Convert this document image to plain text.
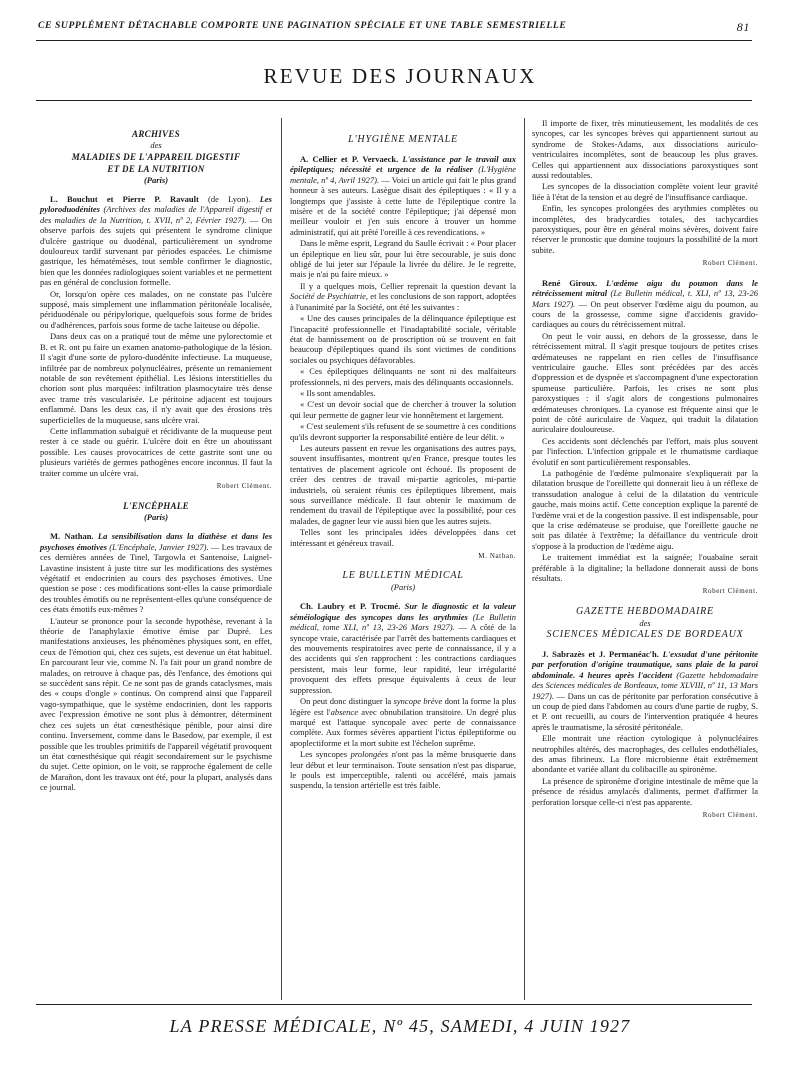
CE SUPPLÉMENT DÉTACHABLE COMPORTE UNE PAGINATION SPÉCIALE ET UNE TABLE SEMESTRIELLE	81
REVUE DES JOURNAUX
ARCHIVES
des
MALADIES DE L'APPAREIL DIGESTIF
ET DE LA NUTRITION
(Paris)

L. Bouchut et Pierre P. Ravault (de Lyon). Les pyloroduodénites (Archives des maladies de l'Appareil digestif et des maladies de la Nutrition, t. XVII, nº 2, Février 1927). — On observe parfois des sujets qui présentent le syndrome clinique d'ulcère gastrique ou duodénal, particulièrement un syndrome douloureux tardif survenant par périodes espacées. Le chimisme gastrique, les hématémèses, tout semble confirmer le diagnostic, bien que les données radiologiques soient variables et ne permettent pas en général de conclusion formelle.

Or, lorsqu'on opère ces malades, on ne constate pas l'ulcère supposé, mais simplement une inflammation péritonéale localisée, périduodénale ou péripylorique, quelquefois sous forme de brides ou d'adhérences, parfois sous forme de tache laiteuse ou dépolie.

Dans deux cas on a pratiqué tout de même une pylorectomie et B. et R. ont pu faire un examen anatomo-pathologique de la lésion. Il s'agit d'une sorte de pyloro-duodénite infectieuse. La muqueuse, infiltrée par de nombreux polynucléaires, présente un remaniement notable de son revêtement épithélial. Les lésions interstitielles du chorion sont plus marquées: infiltration plasmocytaire très dense avec trame très vascularisée. Le péritoine adjacent est toujours enflammé. Dans les deux cas, il n'y avait que des érosions très superficielles de la muqueuse, sans ulcère vrai.

Cette inflammation subaiguë et récidivante de la muqueuse peut rester à ce stade ou guérir. L'ulcère doit en être un aboutissant possible. Les causes provocatrices de cette gastrite sont une ou plusieurs variétés de germes pathogènes encore inconnus. Il faut la traiter comme un ulcère vrai.

Robert Clément.
L'ENCÉPHALE
(Paris)

M. Nathan. La sensibilisation dans la diathèse et dans les psychoses émotives (L'Encéphale, Janvier 1927). — Les travaux de ces dernières années de Tinel, Targowla et Santenoise, Laignel-Lavastine insistent à juste titre sur les modifications des systèmes végétatif et endocrinien au cours des psychoses émotives. Une question se pose : ces modifications sont-elles la cause primordiale des troubles émotifs ou ne représentent-elles qu'une conséquence de ces états émotifs eux-mêmes ?

L'auteur se prononce pour la seconde hypothèse, revenant à la théorie de l'anaphylaxie émotive émise par Dupré. Les manifestations anxieuses, les phénomènes physiques sont, en effet, ceux de l'émotion qui, chez ces sujets, est devenue un état habituel. En parcourant leur vie, comme N. l'a fait pour un grand nombre de malades, on retrouve à chaque pas, dès l'enfance, des émotions qui se succèdent sans répit. Ce ne sont pas de grands cataclysmes, mais des « coups d'ongle » continus. On comprend ainsi que l'appareil vago-sympathique, que le système endocrinien, dont les rapports avec l'expression émotive ne sont plus à démontrer, déterminent chez ces sujets un état cœnesthésique pénible, pour ainsi dire continu. Inversement, comme dans le Basedow, par exemple, il est possible que les troubles primitifs de l'appareil végétatif provoquent un état cœnesthésique qui réagit secondairement sur le psychisme du sujet. Cette opinion, on le voit, se rapproche également de celle de Marañon, dont les travaux ont été, pour la plupart, analysés dans ce journal.

L'HYGIÈNE MENTALE

A. Cellier et P. Vervaeck. L'assistance par le travail aux épileptiques; nécessité et urgence de la réaliser (L'Hygiène mentale, nº 4, Avril 1927). — Voici un article qui fait le plus grand honneur à ses auteurs. Lasègue disait des épileptiques : « Il y a longtemps que j'assiste à cette lutte de l'épileptique contre la misère et de la société contre l'épileptique; j'ai dépensé mon meilleur vouloir et j'en suis encore à trouver un homme administratif, qui ait prêté l'oreille à ces revendications. »

Dans le même esprit, Legrand du Saulle écrivait : « Pour placer un épileptique en lieu sûr, pour lui être secourable, je suis donc obligé de lui jeter sur l'épaule la livrée du délire. Je le regrette, mais je n'ai pu faire mieux. »

Il y a quelques mois, Cellier reprenait la question devant la Société de Psychiatrie, et les conclusions de son rapport, adoptées à l'unanimité par la Société, ont été les suivantes :

« Une des causes principales de la délinquance épileptique est l'incapacité professionnelle et l'inadaptabilité sociale, véritable état de bannissement ou de proscription où se trouvent en fait beaucoup d'épileptiques quand ils sont victimes de conditions sociales ou psychiques défavorables.

« Ces épileptiques délinquants ne sont ni des malfaiteurs professionnels, ni des pervers, mais des délinquants occasionnels.

« Ils sont amendables.

« C'est un devoir social que de chercher à trouver la solution qui leur permette de gagner leur vie honnêtement et largement.

« C'est seulement s'ils refusent de se soumettre à ces conditions qu'ils devront supporter la responsabilité entière de leur délit. »

Les auteurs passent en revue les organisations des autres pays, souvent insuffisantes, montrent qu'en France, presque toutes les tentatives de placement agricole ont échoué. Ils proposent de créer des centres de travail mi-partie agricoles, mi-partie industriels, où seraient réunis ces épileptiques librement, mais sous surveillance médicale. Il faut obtenir le maximum de rendement du travail de l'épileptique avec la possibilité, pour ces malades, de gagner leur vie aussi bien que les autres sujets.

Telles sont les principales idées développées dans cet intéressant et généreux travail.

M. Nathan.
LE BULLETIN MÉDICAL
(Paris)

Ch. Laubry et P. Trocmé. Sur le diagnostic et la valeur séméiologique des syncopes dans les arythmies (Le Bulletin médical, tome XLI, nº 13, 23-26 Mars 1927). — A côté de la syncope vraie, caractérisée par l'arrêt des battements cardiaques et des mouvements respiratoires avec perte de connaissance, il y a des accidents qui s'en rapprochent : les contractions cardiaques persistent, mais leur forme, leur rapidité, leur irrégularité provoquent des effets presque équivalents à ceux de leur suppression.

On peut donc distinguer la syncope brève dont la forme la plus légère est l'absence avec obnubilation transitoire. Un degré plus marqué est l'attaque syncopale avec perte de connaissance complète. Aux formes sévères appartient l'ictus épileptiforme ou apoplectiforme et la mort subite est l'échelon suprême.

Les syncopes prolongées n'ont pas la même brusquerie dans leur début et leur terminaison. Toute sensation n'est pas disparue, le pouls est imperceptible, ralenti ou accéléré, mais jamais suspendu, la tension artérielle est très faible.

Il importe de fixer, très minutieusement, les modalités de ces syncopes, car les syncopes brèves qui appartiennent surtout au syndrome de Stokes-Adams, aux dissociations auriculo-ventriculaires incomplètes, sont de beaucoup les plus graves. Celles qui appartiennent aux dissociations paroxystiques sont aussi redoutables.

Les syncopes de la dissociation complète voient leur gravité liée à l'état de la tension et au degré de l'insuffisance cardiaque.

Enfin, les syncopes prolongées des arythmies complètes ou incomplètes, des bradycardies totales, des tachycardies paroxystiques, pour être en général moins sévères, doivent faire réserver le pronostic que domine toujours la possibilité de la mort subite.

Robert Clément.

René Giroux. L'œdème aigu du poumon dans le rétrécissement mitral (Le Bulletin médical, t. XLI, nº 13, 23-26 Mars 1927). — On peut observer l'œdème aigu du poumon, au cours de la grossesse, comme signe d'accidents gravido-cardiaques au cours du rétrécissement mitral.

On peut le voir aussi, en dehors de la grossesse, dans le rétrécissement mitral. Il s'agit presque toujours de petites crises œdémateuses ne rappelant en rien celles de l'insuffisance ventriculaire gauche. Elles sont précédées par des accès d'oppression et de dyspnée et s'accompagnent d'une expectoration spumeuse particulière. Parfois, les crises ne sont plus paroxystiques : il s'agit alors de congestions pulmonaires œdémateuses chroniques. La cyanose est fréquente ainsi que le point de côté auriculaire de Vaquez, qui traduit la dilatation auriculaire douloureuse.

Ces accidents sont déclenchés par l'effort, mais plus souvent par l'infection. L'infection grippale et le rhumatisme cardiaque évolutif en sont particulièrement responsables.

La pathogénie de l'œdème pulmonaire s'expliquerait par la dilatation brusque de l'oreillette qui donnerait lieu à un réflexe de transsudation analogue à celui de la dilatation du ventricule gauche, mais moins actif. Cette conception explique la parenté de l'œdème vrai et de la congestion passive. Il est indispensable, pour que la crise œdémateuse se produise, que l'oreillette gauche ne soit pas dilatée à l'extrême; la défaillance du ventricule droit s'oppose à la production de l'œdème aigu.

Le traitement immédiat est la saignée; l'ouabaïne serait préférable à la digitaline; la belladone donnerait aussi de bons résultats.

Robert Clément.
GAZETTE HEBDOMADAIRE
des
SCIENCES MÉDICALES DE BORDEAUX

J. Sabrazès et J. Permanéac'h. L'exsudat d'une péritonite par perforation d'origine traumatique, sans plaie de la paroi abdominale. 4 heures après l'accident (Gazette hebdomadaire des Sciences médicales de Bordeaux, tome XLVIII, nº 11, 13 Mars 1927). — Dans un cas de péritonite par perforation consécutive à un coup de pied dans l'abdomen au cours d'une partie de rugby, S. et P. ont recueilli, au cours de l'intervention pratiquée 4 heures après le traumatisme, la sérosité péritonéale.

Elle montrait une réaction cytologique à polynucléaires neutrophiles altérés, des macrophages, des cellules endothéliales, des amas fibrineux. La flore microbienne était extrêmement abondante et variée allant du colibacille au spironème.

La présence de spironème d'origine intestinale de même que la présence de résidus amylacés d'aliments, permet d'affirmer la perforation lorsque celle-ci n'est pas apparente.

Robert Clément.
LA PRESSE MÉDICALE, Nº 45, SAMEDI, 4 JUIN 1927
